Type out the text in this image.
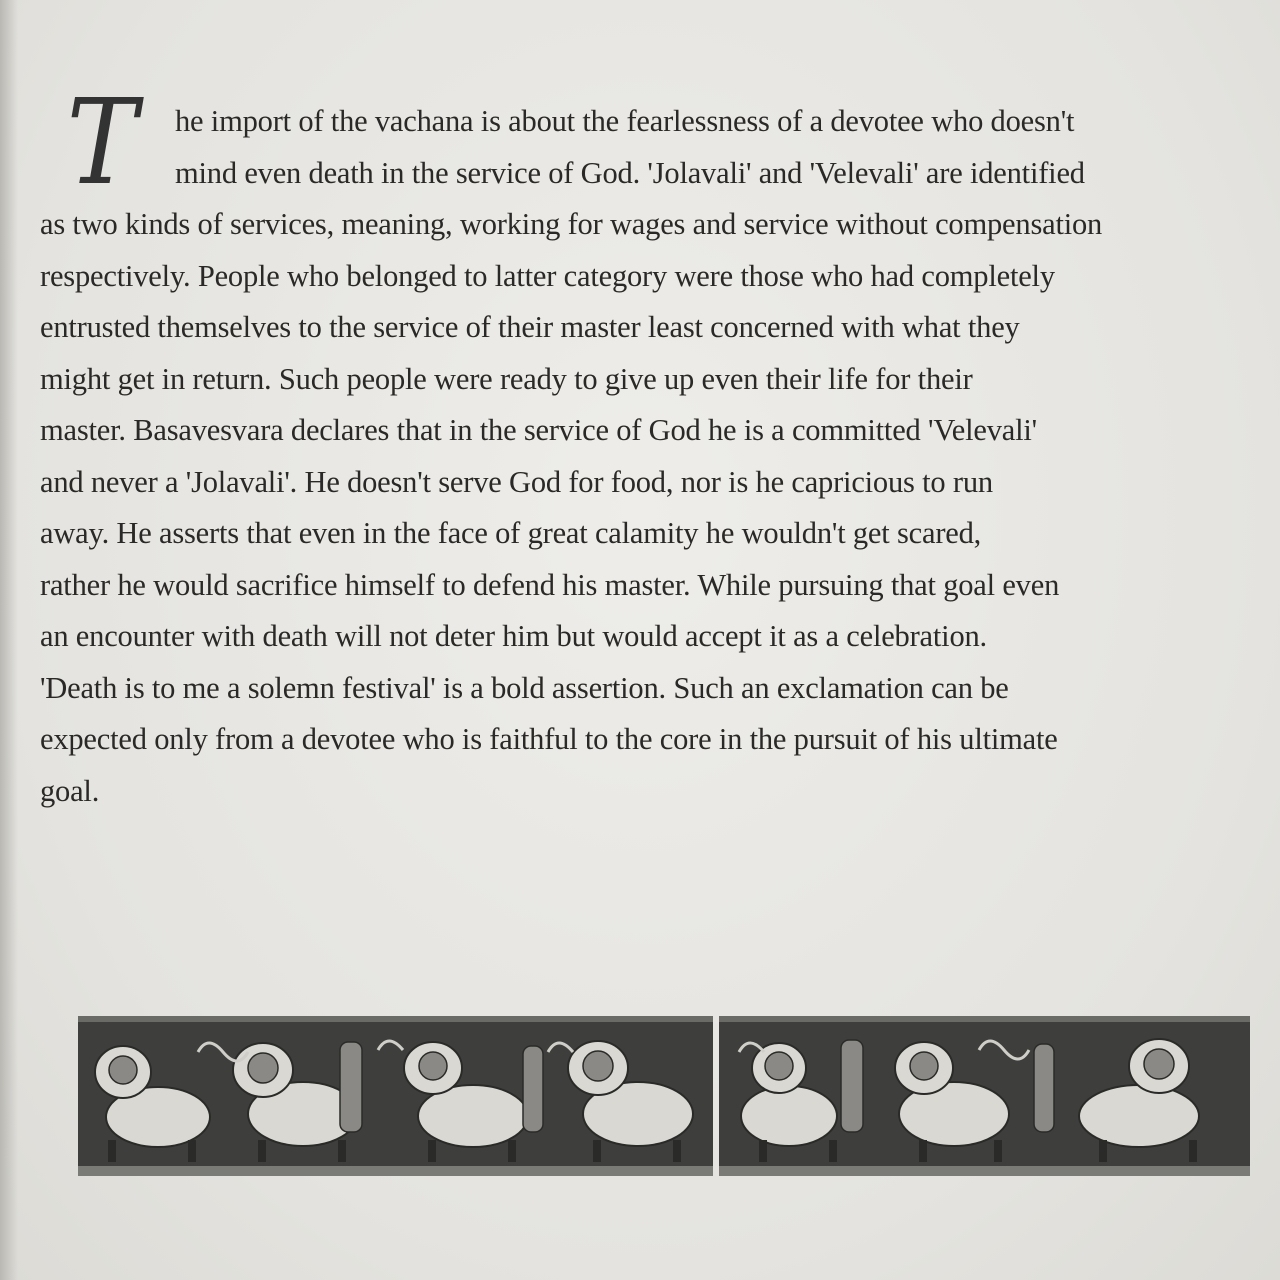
T	he import of the vachana is about the fearlessness of a devotee who doesn't
mind even death in the service of God. 'Jolavali' and 'Velevali' are identified
as two kinds of services, meaning, working for wages and service without compensation
respectively. People who belonged to latter category were those who had completely
entrusted themselves to the service of their master least concerned with what they
might get in return. Such people were ready to give up even their life for their
master. Basavesvara declares that in the service of God he is a committed 'Velevali'
and never a 'Jolavali'. He doesn't serve God for food, nor is he capricious to run
away. He asserts that even in the face of great calamity he wouldn't get scared,
rather he would sacrifice himself to defend his master. While pursuing that goal even
an encounter with death will not deter him but would accept it as a celebration.
'Death is to me a solemn festival' is a bold assertion. Such an exclamation can be
expected only from a devotee who is faithful to the core in the pursuit of his ultimate
goal.
